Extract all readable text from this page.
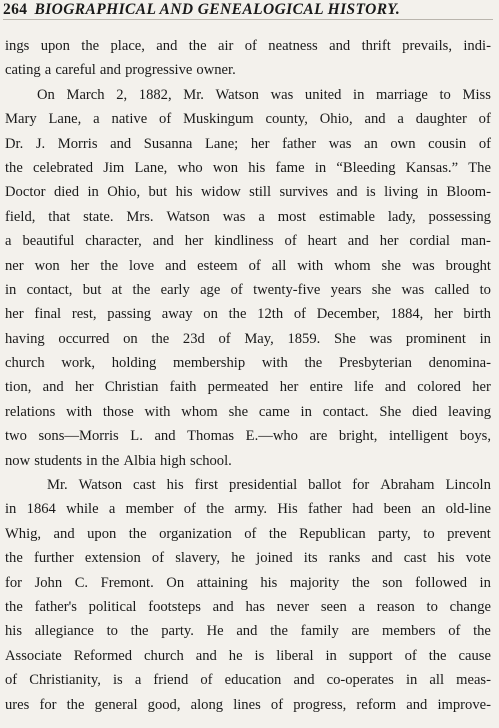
264 BIOGRAPHICAL AND GENEALOGICAL HISTORY.
ings upon the place, and the air of neatness and thrift prevails, indi-
cating a careful and progressive owner.
On March 2, 1882, Mr. Watson was united in marriage to Miss
Mary Lane, a native of Muskingum county, Ohio, and a daughter of
Dr. J. Morris and Susanna Lane; her father was an own cousin of
the celebrated Jim Lane, who won his fame in “Bleeding Kansas.” The
Doctor died in Ohio, but his widow still survives and is living in Bloom-
field, that state. Mrs. Watson was a most estimable lady, possessing
a beautiful character, and her kindliness of heart and her cordial man-
ner won her the love and esteem of all with whom she was brought
in contact, but at the early age of twenty-five years she was called to
her final rest, passing away on the 12th of December, 1884, her birth
having occurred on the 23d of May, 1859. She was prominent in
church work, holding membership with the Presbyterian denomina-
tion, and her Christian faith permeated her entire life and colored her
relations with those with whom she came in contact. She died leaving
two sons—Morris L. and Thomas E.—who are bright, intelligent boys,
now students in the Albia high school.
Mr. Watson cast his first presidential ballot for Abraham Lincoln
in 1864 while a member of the army. His father had been an old-line
Whig, and upon the organization of the Republican party, to prevent
the further extension of slavery, he joined its ranks and cast his vote
for John C. Fremont. On attaining his majority the son followed in
the father's political footsteps and has never seen a reason to change
his allegiance to the party. He and the family are members of the
Associate Reformed church and he is liberal in support of the cause
of Christianity, is a friend of education and co-operates in all meas-
ures for the general good, along lines of progress, reform and improve-
